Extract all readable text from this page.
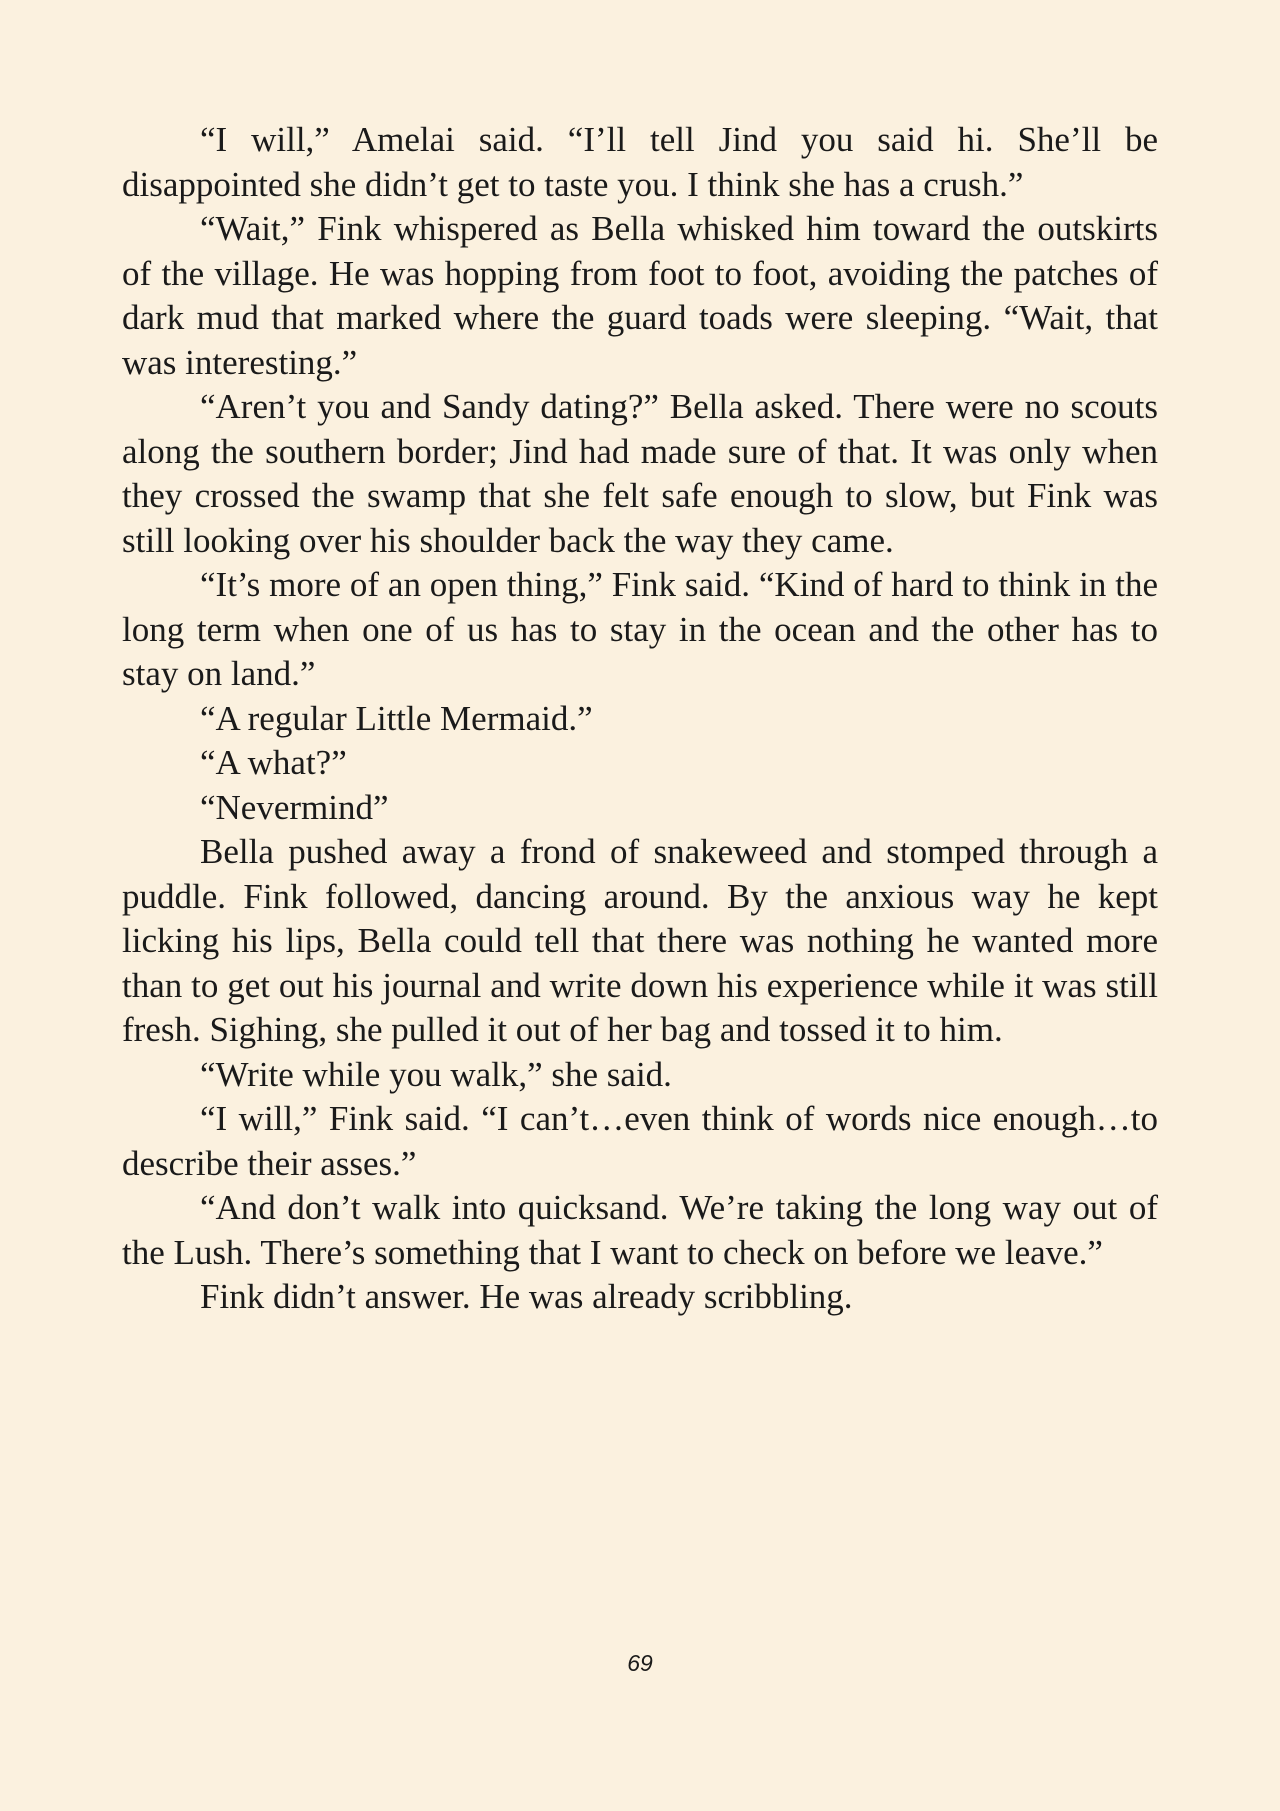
“I will,” Amelai said. “I’ll tell Jind you said hi. She’ll be disappointed she didn’t get to taste you. I think she has a crush.”

“Wait,” Fink whispered as Bella whisked him toward the outskirts of the village. He was hopping from foot to foot, avoiding the patches of dark mud that marked where the guard toads were sleeping. “Wait, that was interesting.”

“Aren’t you and Sandy dating?” Bella asked. There were no scouts along the southern border; Jind had made sure of that. It was only when they crossed the swamp that she felt safe enough to slow, but Fink was still looking over his shoulder back the way they came.

“It’s more of an open thing,” Fink said. “Kind of hard to think in the long term when one of us has to stay in the ocean and the other has to stay on land.”

“A regular Little Mermaid.”

“A what?”

“Nevermind”

Bella pushed away a frond of snakeweed and stomped through a puddle. Fink followed, dancing around. By the anxious way he kept licking his lips, Bella could tell that there was nothing he wanted more than to get out his journal and write down his experience while it was still fresh. Sighing, she pulled it out of her bag and tossed it to him.

“Write while you walk,” she said.

“I will,” Fink said. “I can’t…even think of words nice enough…to describe their asses.”

“And don’t walk into quicksand. We’re taking the long way out of the Lush. There’s something that I want to check on before we leave.”

Fink didn’t answer. He was already scribbling.

69
